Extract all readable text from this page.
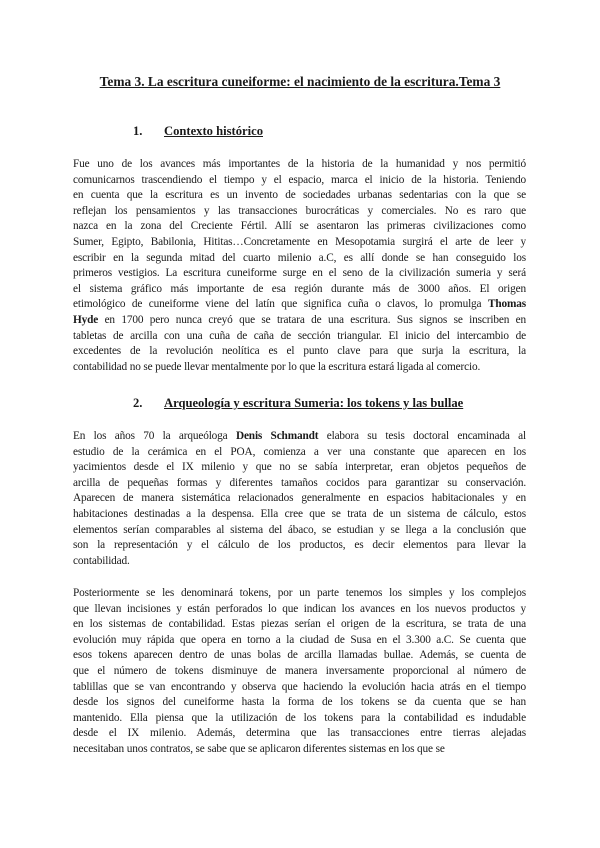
Tema 3. La escritura cuneiforme: el nacimiento de la escritura.Tema 3
1. Contexto histórico
Fue uno de los avances más importantes de la historia de la humanidad y nos permitió
comunicarnos trascendiendo el tiempo y el espacio, marca el inicio de la historia. Teniendo
en cuenta que la escritura es un invento de sociedades urbanas sedentarias con la que se
reflejan los pensamientos y las transacciones burocráticas y comerciales. No es raro que
nazca en la zona del Creciente Fértil. Allí se asentaron las primeras civilizaciones como
Sumer, Egipto, Babilonia, Hititas…Concretamente en Mesopotamia surgirá el arte de leer y
escribir en la segunda mitad del cuarto milenio a.C, es allí donde se han conseguido los
primeros vestigios. La escritura cuneiforme surge en el seno de la civilización sumeria y será
el sistema gráfico más importante de esa región durante más de 3000 años. El origen
etimológico de cuneiforme viene del latín que significa cuña o clavos, lo promulga Thomas
Hyde en 1700 pero nunca creyó que se tratara de una escritura. Sus signos se inscriben en
tabletas de arcilla con una cuña de caña de sección triangular. El inicio del intercambio de
excedentes de la revolución neolítica es el punto clave para que surja la escritura, la
contabilidad no se puede llevar mentalmente por lo que la escritura estará ligada al comercio.
2. Arqueología y escritura Sumeria: los tokens y las bullae
En los años 70 la arqueóloga Denis Schmandt elabora su tesis doctoral encaminada al
estudio de la cerámica en el POA, comienza a ver una constante que aparecen en los
yacimientos desde el IX milenio y que no se sabía interpretar, eran objetos pequeños de
arcilla de pequeñas formas y diferentes tamaños cocidos para garantizar su conservación.
Aparecen de manera sistemática relacionados generalmente en espacios habitacionales y en
habitaciones destinadas a la despensa. Ella cree que se trata de un sistema de cálculo, estos
elementos serían comparables al sistema del ábaco, se estudian y se llega a la conclusión que
son la representación y el cálculo de los productos, es decir elementos para llevar la
contabilidad.
Posteriormente se les denominará tokens, por un parte tenemos los simples y los complejos
que llevan incisiones y están perforados lo que indican los avances en los nuevos productos y
en los sistemas de contabilidad. Estas piezas serían el origen de la escritura, se trata de una
evolución muy rápida que opera en torno a la ciudad de Susa en el 3.300 a.C. Se cuenta que
esos tokens aparecen dentro de unas bolas de arcilla llamadas bullae. Además, se cuenta de
que el número de tokens disminuye de manera inversamente proporcional al número de
tablillas que se van encontrando y observa que haciendo la evolución hacia atrás en el tiempo
desde los signos del cuneiforme hasta la forma de los tokens se da cuenta que se han
mantenido. Ella piensa que la utilización de los tokens para la contabilidad es indudable
desde el IX milenio. Además, determina que las transacciones entre tierras alejadas
necesitaban unos contratos, se sabe que se aplicaron diferentes sistemas en los que se
